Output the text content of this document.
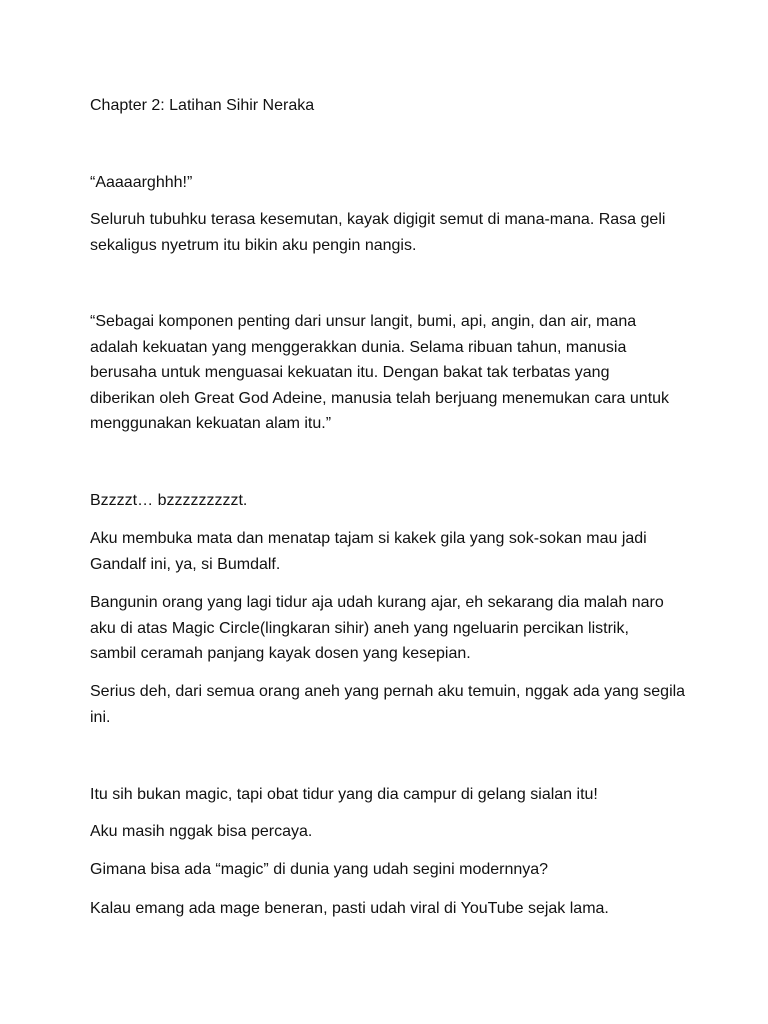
Chapter 2: Latihan Sihir Neraka

“Aaaaarghhh!”

Seluruh tubuhku terasa kesemutan, kayak digigit semut di mana-mana. Rasa geli
sekaligus nyetrum itu bikin aku pengin nangis.

“Sebagai komponen penting dari unsur langit, bumi, api, angin, dan air, mana
adalah kekuatan yang menggerakkan dunia. Selama ribuan tahun, manusia
berusaha untuk menguasai kekuatan itu. Dengan bakat tak terbatas yang
diberikan oleh Great God Adeine, manusia telah berjuang menemukan cara untuk
menggunakan kekuatan alam itu.”

Bzzzzt… bzzzzzzzzzt.

Aku membuka mata dan menatap tajam si kakek gila yang sok-sokan mau jadi
Gandalf ini, ya, si Bumdalf.

Bangunin orang yang lagi tidur aja udah kurang ajar, eh sekarang dia malah naro
aku di atas Magic Circle(lingkaran sihir) aneh yang ngeluarin percikan listrik,
sambil ceramah panjang kayak dosen yang kesepian.

Serius deh, dari semua orang aneh yang pernah aku temuin, nggak ada yang segila
ini.

Itu sih bukan magic, tapi obat tidur yang dia campur di gelang sialan itu!

Aku masih nggak bisa percaya.

Gimana bisa ada “magic” di dunia yang udah segini modernnya?

Kalau emang ada mage beneran, pasti udah viral di YouTube sejak lama.
